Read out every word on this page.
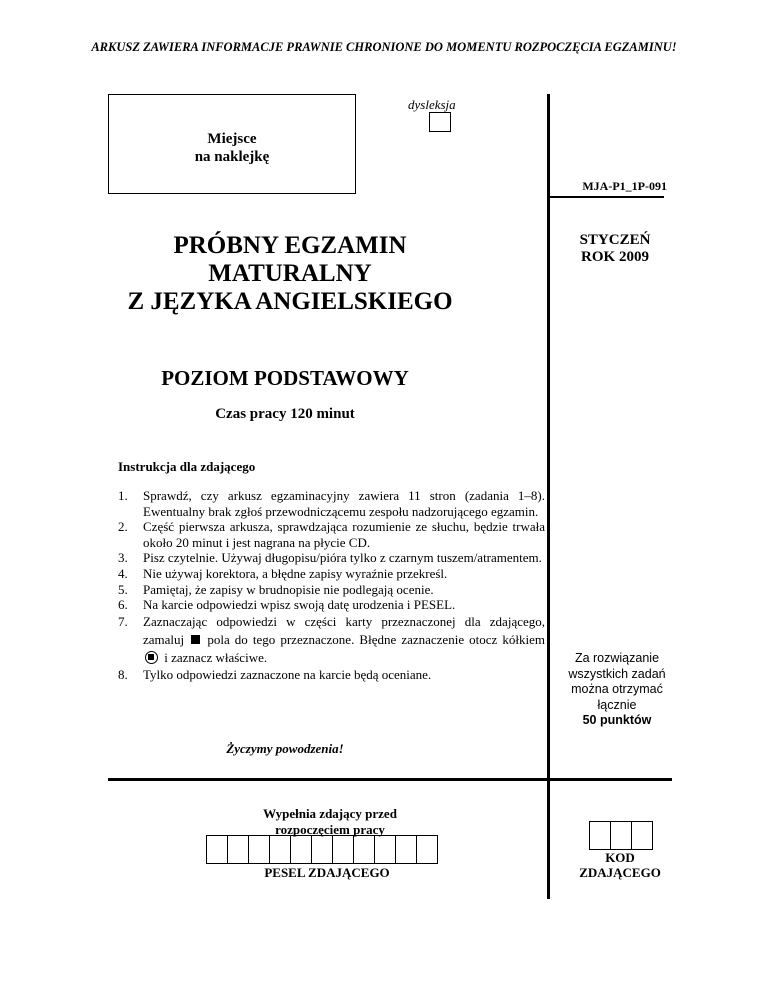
ARKUSZ ZAWIERA INFORMACJE PRAWNIE CHRONIONE DO MOMENTU ROZPOCZĘCIA EGZAMINU!
Miejsce
na naklejkę
dysleksja
MJA-P1_1P-091
PRÓBNY EGZAMIN
MATURALNY
Z JĘZYKA ANGIELSKIEGO
STYCZEŃ
ROK 2009
POZIOM PODSTAWOWY
Czas pracy 120 minut
Instrukcja dla zdającego
1. Sprawdź, czy arkusz egzaminacyjny zawiera 11 stron (zadania 1–8). Ewentualny brak zgłoś przewodniczącemu zespołu nadzorującego egzamin.
2. Część pierwsza arkusza, sprawdzająca rozumienie ze słuchu, będzie trwała około 20 minut i jest nagrana na płycie CD.
3. Pisz czytelnie. Używaj długopisu/pióra tylko z czarnym tuszem/atramentem.
4. Nie używaj korektora, a błędne zapisy wyraźnie przekreśl.
5. Pamiętaj, że zapisy w brudnopisie nie podlegają ocenie.
6. Na karcie odpowiedzi wpisz swoją datę urodzenia i PESEL.
7. Zaznaczając odpowiedzi w części karty przeznaczonej dla zdającego, zamaluj pola do tego przeznaczone. Błędne zaznaczenie otocz kółkiem  i zaznacz właściwe.
8. Tylko odpowiedzi zaznaczone na karcie będą oceniane.
Za rozwiązanie
wszystkich zadań
można otrzymać
łącznie
50 punktów
Życzymy powodzenia!
Wypełnia zdający przed
rozpoczęciem pracy
PESEL ZDAJĄCEGO
KOD
ZDAJĄCEGO
